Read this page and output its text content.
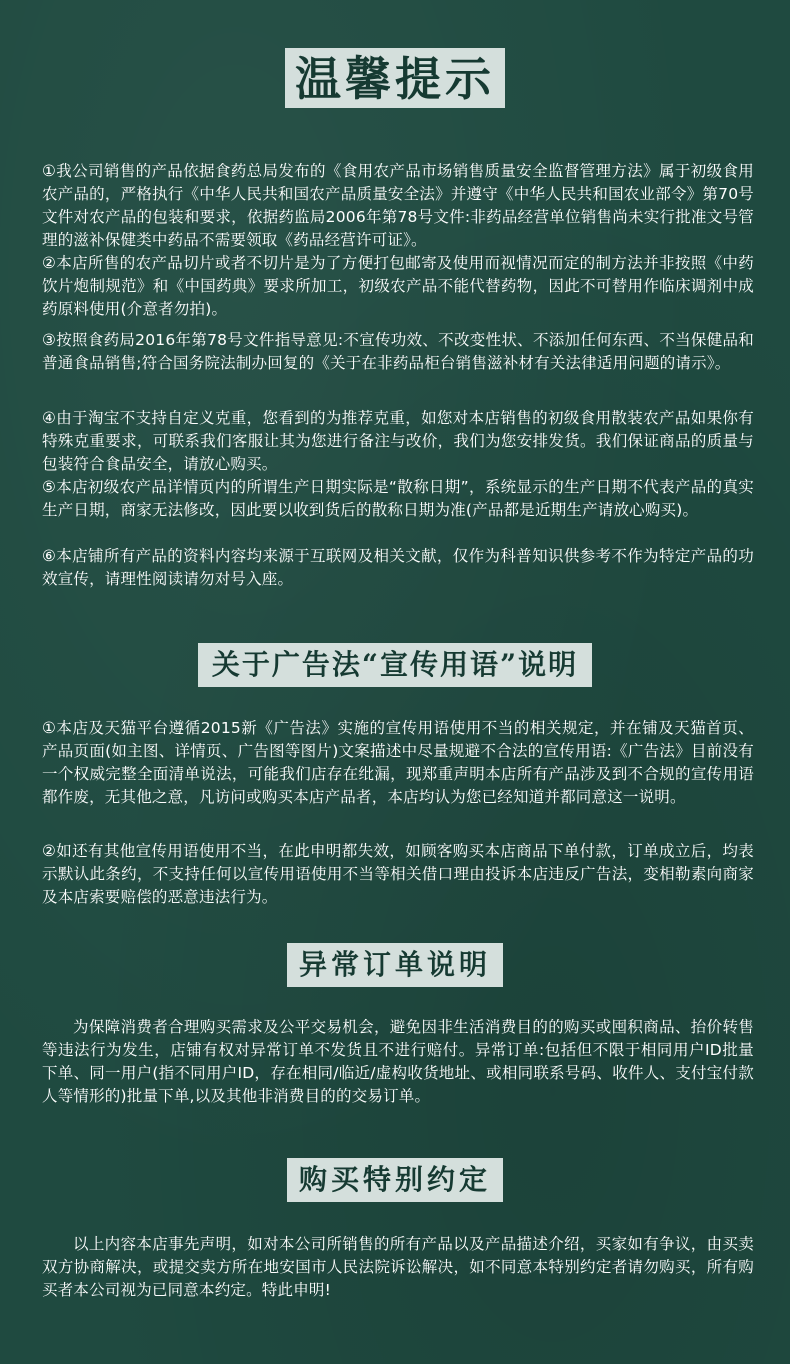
温馨提示

①我公司销售的产品依据食药总局发布的《食用农产品市场销售质量安全监督管理方法》属于初级食用农产品的，严格执行《中华人民共和国农产品质量安全法》并遵守《中华人民共和国农业部令》第70号文件对农产品的包装和要求，依据药监局2006年第78号文件:非药品经营单位销售尚未实行批准文号管理的滋补保健类中药品不需要领取《药品经营许可证》。

②本店所售的农产品切片或者不切片是为了方便打包邮寄及使用而视情况而定的制方法并非按照《中药饮片炮制规范》和《中国药典》要求所加工，初级农产品不能代替药物，因此不可替用作临床调剂中成药原料使用(介意者勿拍)。

③按照食药局2016年第78号文件指导意见:不宣传功效、不改变性状、不添加任何东西、不当保健品和普通食品销售;符合国务院法制办回复的《关于在非药品柜台销售滋补材有关法律适用问题的请示》。

④由于淘宝不支持自定义克重，您看到的为推荐克重，如您对本店销售的初级食用散装农产品如果你有特殊克重要求，可联系我们客服让其为您进行备注与改价，我们为您安排发货。我们保证商品的质量与包装符合食品安全，请放心购买。

⑤本店初级农产品详情页内的所谓生产日期实际是“散称日期”，系统显示的生产日期不代表产品的真实生产日期，商家无法修改，因此要以收到货后的散称日期为准(产品都是近期生产请放心购买)。

⑥本店铺所有产品的资料内容均来源于互联网及相关文献，仅作为科普知识供参考不作为特定产品的功效宣传，请理性阅读请勿对号入座。

关于广告法“宣传用语”说明

①本店及天猫平台遵循2015新《广告法》实施的宣传用语使用不当的相关规定，并在铺及天猫首页、产品页面(如主图、详情页、广告图等图片)文案描述中尽量规避不合法的宣传用语:《广告法》目前没有一个权威完整全面清单说法，可能我们店存在纰漏，现郑重声明本店所有产品涉及到不合规的宣传用语都作废，无其他之意，凡访问或购买本店产品者，本店均认为您已经知道并都同意这一说明。

②如还有其他宣传用语使用不当，在此申明都失效，如顾客购买本店商品下单付款，订单成立后，均表示默认此条约，不支持任何以宣传用语使用不当等相关借口理由投诉本店违反广告法，变相勒素向商家及本店索要赔偿的恶意违法行为。

异常订单说明

为保障消费者合理购买需求及公平交易机会，避免因非生活消费目的的购买或囤积商品、抬价转售等违法行为发生，店铺有权对异常订单不发货且不进行赔付。异常订单:包括但不限于相同用户ID批量下单、同一用户(指不同用户ID，存在相同/临近/虚构收货地址、或相同联系号码、收件人、支付宝付款人等情形的)批量下单,以及其他非消费目的的交易订单。

购买特别约定

以上内容本店事先声明，如对本公司所销售的所有产品以及产品描述介绍，买家如有争议，由买卖双方协商解决，或提交卖方所在地安国市人民法院诉讼解决，如不同意本特别约定者请勿购买，所有购买者本公司视为已同意本约定。特此申明!
